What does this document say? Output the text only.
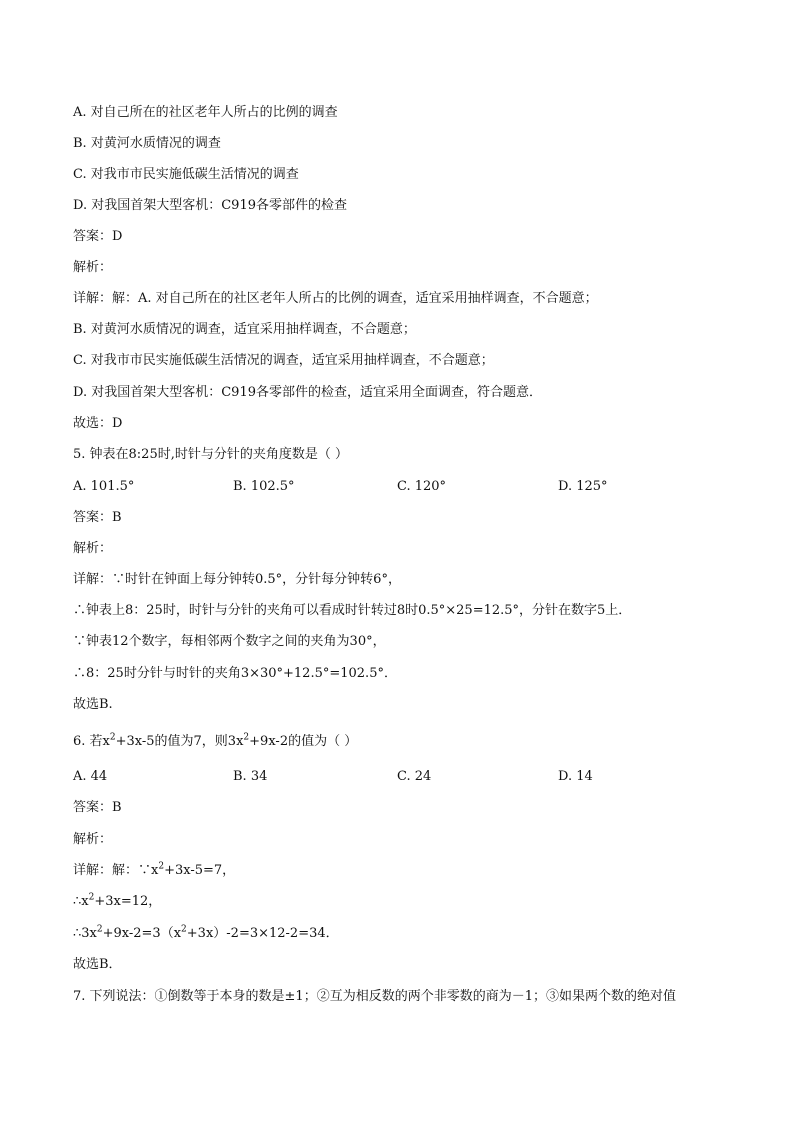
A. 对自己所在的社区老年人所占的比例的调查
B. 对黄河水质情况的调查
C. 对我市市民实施低碳生活情况的调查
D. 对我国首架大型客机：C919各零部件的检查
答案：D
解析：
详解：解：A. 对自己所在的社区老年人所占的比例的调查，适宜采用抽样调查，不合题意；
B. 对黄河水质情况的调查，适宜采用抽样调查，不合题意；
C. 对我市市民实施低碳生活情况的调查，适宜采用抽样调查，不合题意；
D. 对我国首架大型客机：C919各零部件的检查，适宜采用全面调查，符合题意．
故选：D
5. 钟表在8:25时,时针与分针的夹角度数是（ ）
A. 101.5°	B. 102.5°	C. 120°	D. 125°
答案：B
解析：
详解：∵时针在钟面上每分钟转0.5°，分针每分钟转6°，
∴钟表上8：25时，时针与分针的夹角可以看成时针转过8时0.5°×25=12.5°，分针在数字5上．
∵钟表12个数字，每相邻两个数字之间的夹角为30°，
∴8：25时分针与时针的夹角3×30°+12.5°=102.5°．
故选B.
6. 若$x^2+3x-5$的值为7，则$3x^2+9x-2$的值为（ ）
A. 44	B. 34	C. 24	D. 14
答案：B
解析：
详解：解：$\because x^2+3x-5=7$，
$\therefore x^2+3x=12$，
$\therefore 3x^2+9x-2=3(x^2+3x)-2=3\times 12-2=34$．
故选B．
7. 下列说法：①倒数等于本身的数是±1；②互为相反数的两个非零数的商为－1；③如果两个数的绝对值
